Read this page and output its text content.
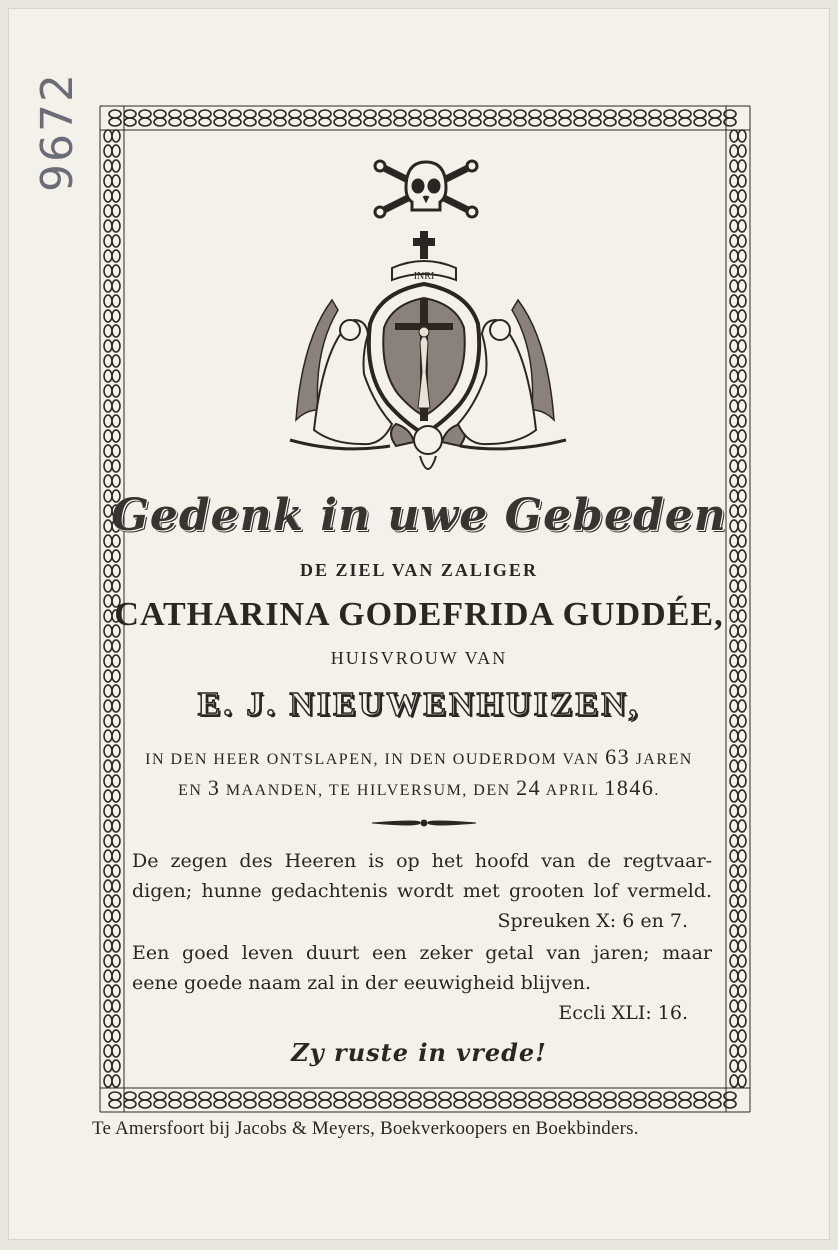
9672
INRI
Gedenk in uwe Gebeden
DE ZIEL VAN ZALIGER
CATHARINA GODEFRIDA GUDDÉE,
HUISVROUW VAN
E. J. NIEUWENHUIZEN,
IN DEN HEER ONTSLAPEN, IN DEN OUDERDOM VAN 63 JAREN
EN 3 MAANDEN, TE HILVERSUM, DEN 24 APRIL 1846.
De zegen des Heeren is op het hoofd van de regtvaar-
digen; hunne gedachtenis wordt met grooten lof vermeld.
Spreuken X: 6 en 7.
Een goed leven duurt een zeker getal van jaren; maar
eene goede naam zal in der eeuwigheid blijven.
Eccli XLI: 16.
Zy ruste in vrede!
Te Amersfoort bij Jacobs & Meyers, Boekverkoopers en Boekbinders.
